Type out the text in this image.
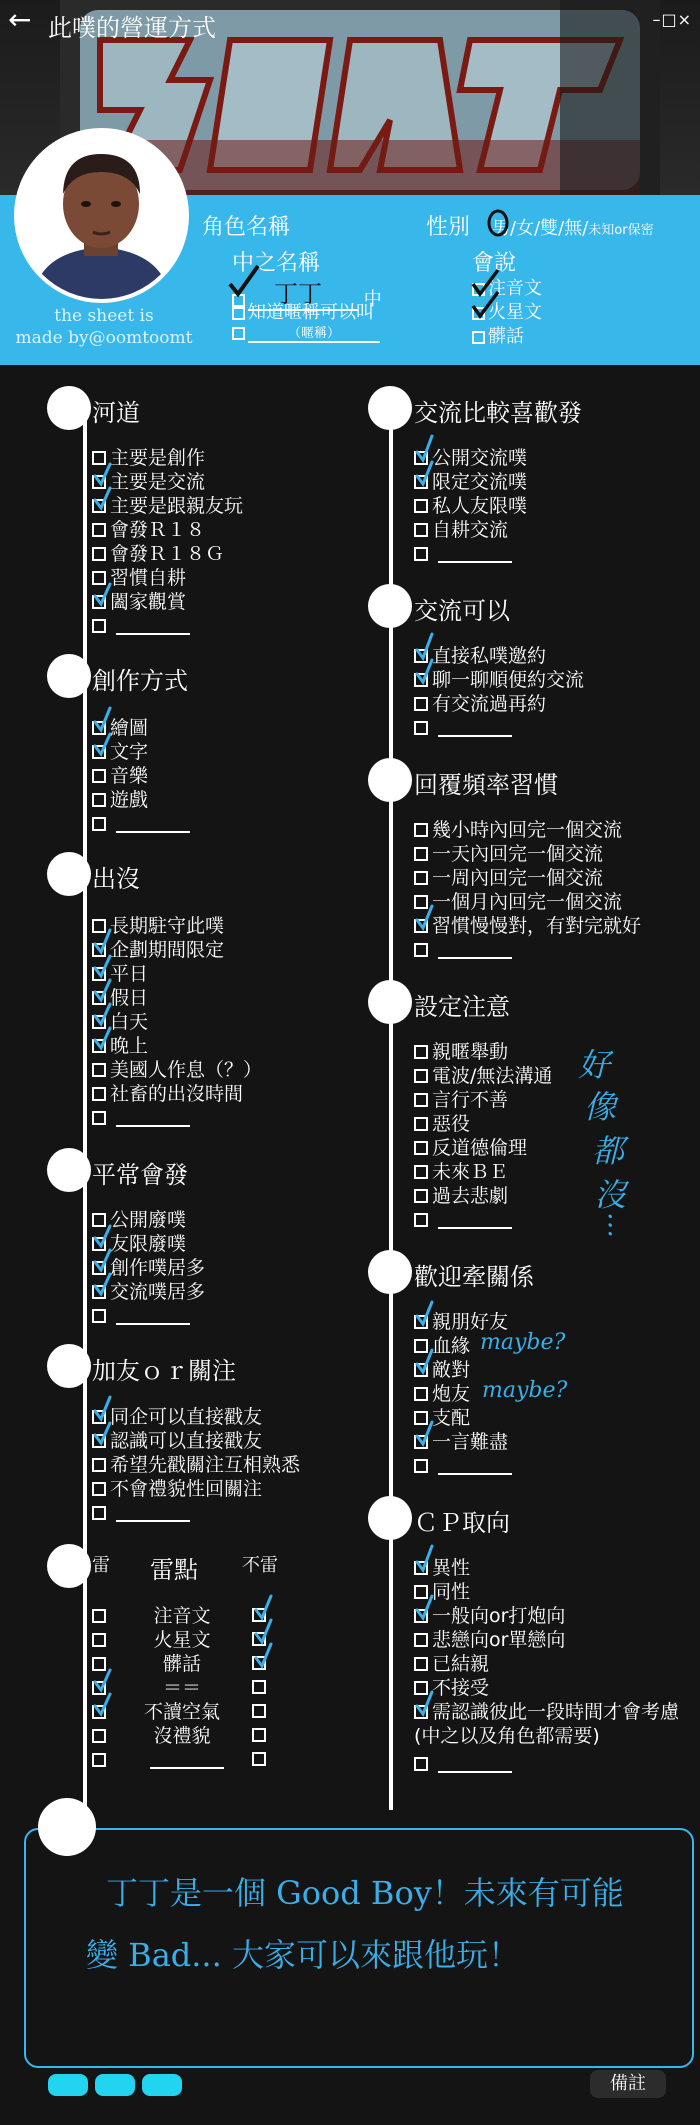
← 此噗的營運方式	–□×
the sheet is
made by@oomtoomt
角色名稱	性別 男/女/雙/無/未知or保密
中之名稱
丁丁 中
知道暱稱可以叫
（暱稱）
會說
注音文
火星文
髒話
河道
主要是創作
主要是交流
主要是跟親友玩
會發Ｒ１８
會發Ｒ１８Ｇ
習慣自耕
闔家觀賞
創作方式
繪圖
文字
音樂
遊戲
出沒
長期駐守此噗
企劃期間限定
平日
假日
白天
晚上
美國人作息（？）
社畜的出沒時間
平常會發
公開廢噗
友限廢噗
創作噗居多
交流噗居多
加友ｏｒ關注
同企可以直接戳友
認識可以直接戳友
希望先戳關注互相熟悉
不會禮貌性回關注
雷 雷點 不雷
注音文
火星文
髒話
＝＝
不讀空氣
沒禮貌
交流比較喜歡發
公開交流噗
限定交流噗
私人友限噗
自耕交流
交流可以
直接私噗邀約
聊一聊順便約交流
有交流過再約
回覆頻率習慣
幾小時內回完一個交流
一天內回完一個交流
一周內回完一個交流
一個月內回完一個交流
習慣慢慢對，有對完就好
設定注意
親暱舉動
電波/無法溝通
言行不善
惡役
反道德倫理
未來ＢＥ
過去悲劇
好
像
都
沒
…
歡迎牽關係
親朋好友
血緣
敵對
炮友
支配
一言難盡
maybe?
maybe?
ＣＰ取向
異性
同性
一般向or打炮向
悲戀向or單戀向
已結親
不接受
需認識彼此一段時間才會考慮
(中之以及角色都需要)
丁丁是一個 Good Boy！未來有可能
變 Bad... 大家可以來跟他玩！
備註
